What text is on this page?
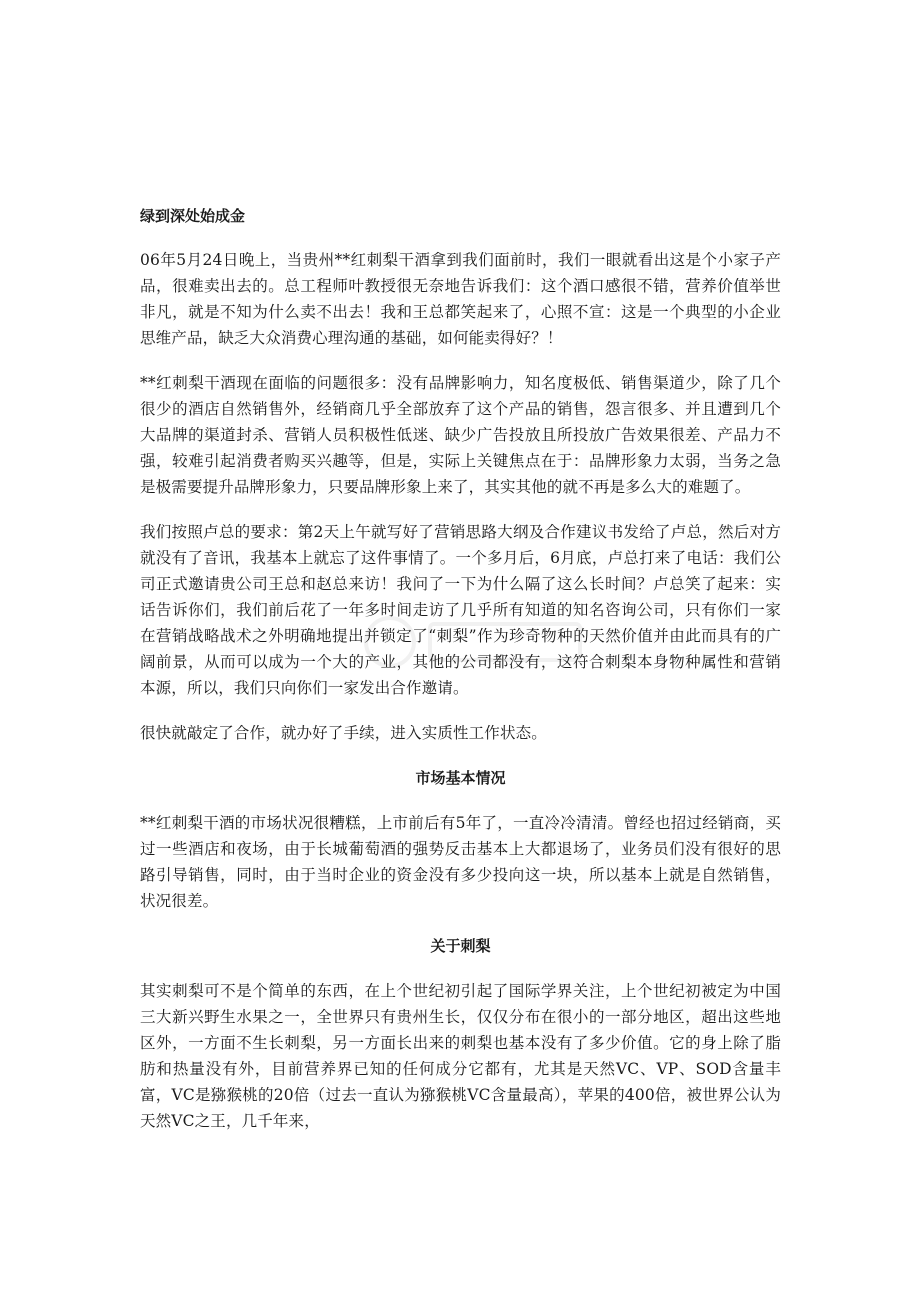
绿到深处始成金

06年5月24日晚上，当贵州**红刺梨干酒拿到我们面前时，我们一眼就看出这是个小家子产品，很难卖出去的。总工程师叶教授很无奈地告诉我们：这个酒口感很不错，营养价值举世非凡，就是不知为什么卖不出去！我和王总都笑起来了，心照不宣：这是一个典型的小企业思维产品，缺乏大众消费心理沟通的基础，如何能卖得好？！

**红刺梨干酒现在面临的问题很多：没有品牌影响力，知名度极低、销售渠道少，除了几个很少的酒店自然销售外，经销商几乎全部放弃了这个产品的销售，怨言很多、并且遭到几个大品牌的渠道封杀、营销人员积极性低迷、缺少广告投放且所投放广告效果很差、产品力不强，较难引起消费者购买兴趣等，但是，实际上关键焦点在于：品牌形象力太弱，当务之急是极需要提升品牌形象力，只要品牌形象上来了，其实其他的就不再是多么大的难题了。

我们按照卢总的要求：第2天上午就写好了营销思路大纲及合作建议书发给了卢总，然后对方就没有了音讯，我基本上就忘了这件事情了。一个多月后，6月底，卢总打来了电话：我们公司正式邀请贵公司王总和赵总来访！我问了一下为什么隔了这么长时间？卢总笑了起来：实话告诉你们，我们前后花了一年多时间走访了几乎所有知道的知名咨询公司，只有你们一家在营销战略战术之外明确地提出并锁定了“刺梨”作为珍奇物种的天然价值并由此而具有的广阔前景，从而可以成为一个大的产业，其他的公司都没有，这符合刺梨本身物种属性和营销本源，所以，我们只向你们一家发出合作邀请。

很快就敲定了合作，就办好了手续，进入实质性工作状态。

市场基本情况

**红刺梨干酒的市场状况很糟糕，上市前后有5年了，一直冷冷清清。曾经也招过经销商，买过一些酒店和夜场，由于长城葡萄酒的强势反击基本上大都退场了，业务员们没有很好的思路引导销售，同时，由于当时企业的资金没有多少投向这一块，所以基本上就是自然销售，状况很差。

关于刺梨

其实刺梨可不是个简单的东西，在上个世纪初引起了国际学界关注，上个世纪初被定为中国三大新兴野生水果之一，全世界只有贵州生长，仅仅分布在很小的一部分地区，超出这些地区外，一方面不生长刺梨，另一方面长出来的刺梨也基本没有了多少价值。它的身上除了脂肪和热量没有外，目前营养界已知的任何成分它都有，尤其是天然VC、VP、SOD含量丰富，VC是猕猴桃的20倍（过去一直认为猕猴桃VC含量最高），苹果的400倍，被世界公认为天然VC之王，几千年来，
